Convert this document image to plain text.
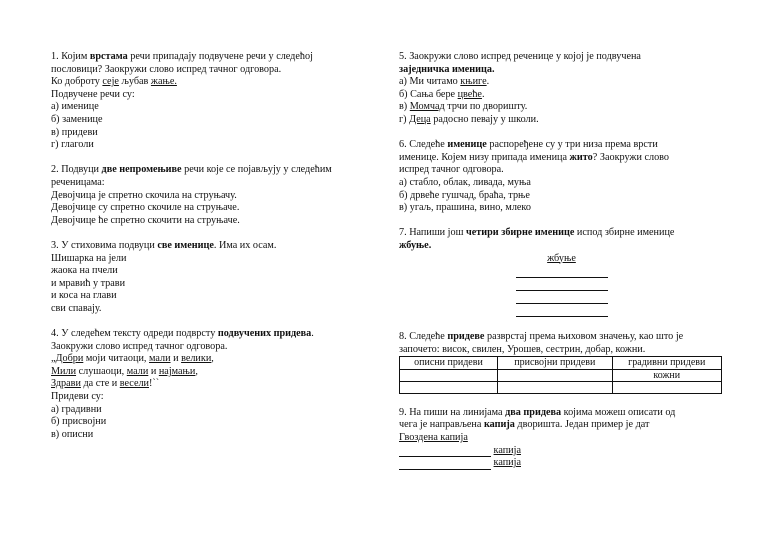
1. Којим врстама речи припадају подвучене речи у следећој
пословици? Заокружи слово испред тачног одговора.
Ко доброту сеје љубав жање.
Подвучене речи су:
а) именице
б) заменице
в) придеви
г) глаголи
2. Подвуци две непромењиве речи које се појављују у следећим
реченицама:
Девојчица је спретно скочила на струњачу.
Девојчице су спретно скочиле на струњаче.
Девојчице ће спретно скочити на струњаче.
3. У стиховима подвуци све именице. Има их осам.
Шишарка на јели
жаока на пчели
и мравић у трави
и коса на глави
сви спавају.
4. У следећем тексту одреди подврсту подвучених придева.
Заокружи слово испред тачног одговора.
„Добри моји читаоци, мали и велики,
Мили слушаоци, мали и најмањи,
Здрави да сте и весели!``
Придеви су:
а) градивни
б) присвојни
в) описни
5. Заокружи слово испред реченице у којој је подвучена
заједничка именица.
а) Ми читамо књиге.
б) Сања бере цвеће.
в) Момчад трчи по дворишту.
г) Деца радосно певају у школи.
6. Следеће именице распоређене су у три низа према врсти
именице. Којем низу припада именица жито? Заокружи слово
испред тачног одговора.
а) стабло, облак, ливада, муња
б) дрвеће гушчад, браћа, трње
в) угаљ, прашина, вино, млеко
7. Напиши још четири збирне именице испод збирне именице
жбуње.
жбуње
8. Следеће придеве разврстај према њиховом значењу, као што је
започето: висок, свилен, Урошев, сестрин, добар, кожни.
описни придеви	присвојни придеви	градивни придеви
		кожни

9. На пиши на линијама два придева којима можеш описати од
чега је направљена капија дворишта. Један пример је дат
Гвоздена капија
капија
капија
